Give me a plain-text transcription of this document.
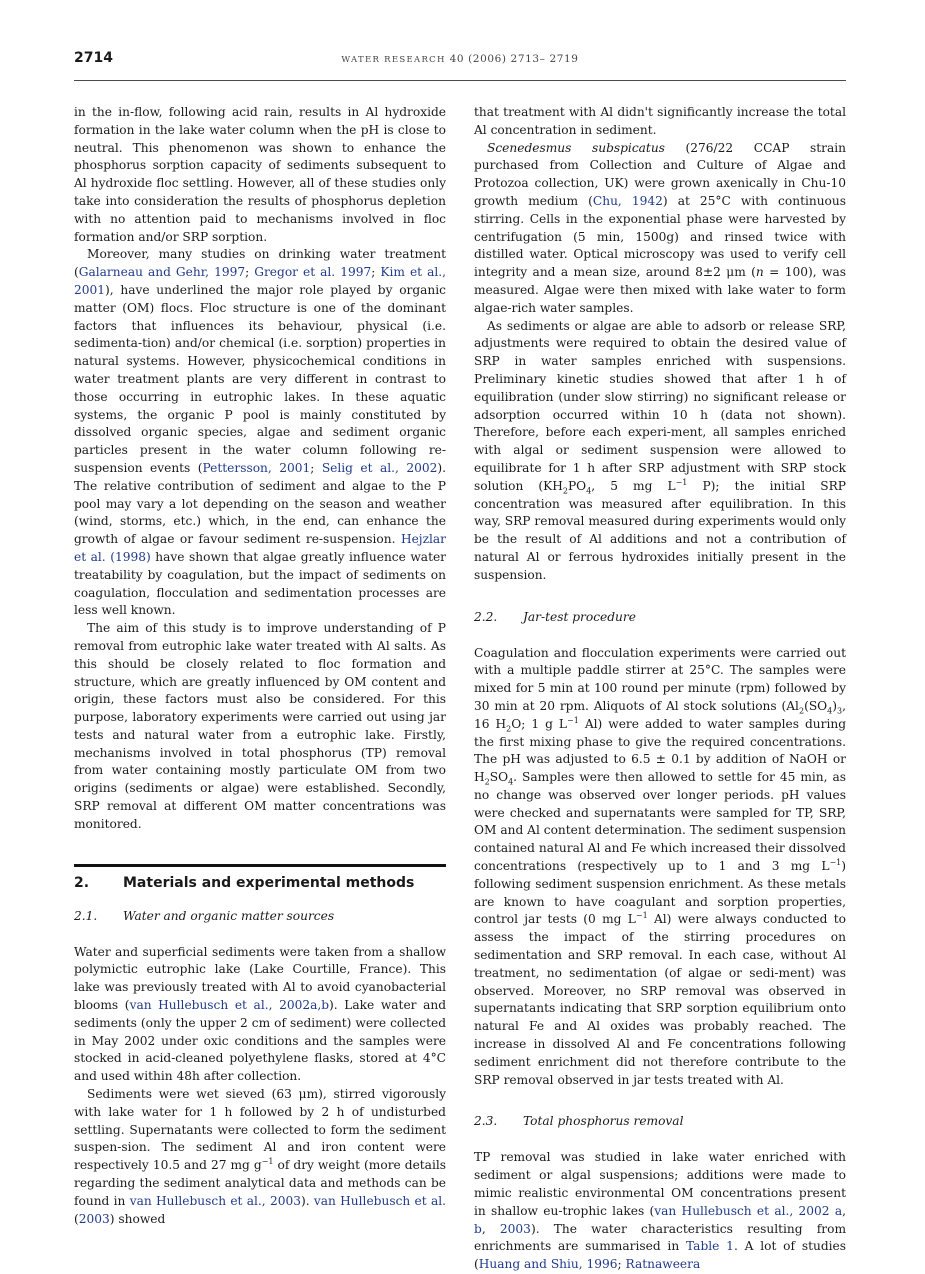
2714	WATER RESEARCH 40 (2006) 2713– 2719

in the in-flow, following acid rain, results in Al hydroxide formation in the lake water column when the pH is close to neutral. This phenomenon was shown to enhance the phosphorus sorption capacity of sediments subsequent to Al hydroxide floc settling. However, all of these studies only take into consideration the results of phosphorus depletion with no attention paid to mechanisms involved in floc formation and/or SRP sorption.

Moreover, many studies on drinking water treatment (Galarneau and Gehr, 1997; Gregor et al. 1997; Kim et al., 2001), have underlined the major role played by organic matter (OM) flocs. Floc structure is one of the dominant factors that influences its behaviour, physical (i.e. sedimenta-tion) and/or chemical (i.e. sorption) properties in natural systems. However, physicochemical conditions in water treatment plants are very different in contrast to those occurring in eutrophic lakes. In these aquatic systems, the organic P pool is mainly constituted by dissolved organic species, algae and sediment organic particles present in the water column following re-suspension events (Pettersson, 2001; Selig et al., 2002). The relative contribution of sediment and algae to the P pool may vary a lot depending on the season and weather (wind, storms, etc.) which, in the end, can enhance the growth of algae or favour sediment re-suspension. Hejzlar et al. (1998) have shown that algae greatly influence water treatability by coagulation, but the impact of sediments on coagulation, flocculation and sedimentation processes are less well known.

The aim of this study is to improve understanding of P removal from eutrophic lake water treated with Al salts. As this should be closely related to floc formation and structure, which are greatly influenced by OM content and origin, these factors must also be considered. For this purpose, laboratory experiments were carried out using jar tests and natural water from a eutrophic lake. Firstly, mechanisms involved in total phosphorus (TP) removal from water containing mostly particulate OM from two origins (sediments or algae) were established. Secondly, SRP removal at different OM matter concentrations was monitored.

2. Materials and experimental methods
2.1. Water and organic matter sources

Water and superficial sediments were taken from a shallow polymictic eutrophic lake (Lake Courtille, France). This lake was previously treated with Al to avoid cyanobacterial blooms (van Hullebusch et al., 2002a,b). Lake water and sediments (only the upper 2 cm of sediment) were collected in May 2002 under oxic conditions and the samples were stocked in acid-cleaned polyethylene flasks, stored at 4°C and used within 48h after collection.

Sediments were wet sieved (63 μm), stirred vigorously with lake water for 1 h followed by 2 h of undisturbed settling. Supernatants were collected to form the sediment suspen-sion. The sediment Al and iron content were respectively 10.5 and 27 mg $g^{-1}$ of dry weight (more details regarding the sediment analytical data and methods can be found in van Hullebusch et al., 2003). van Hullebusch et al. (2003) showed

that treatment with Al didn't significantly increase the total Al concentration in sediment.

Scenedesmus subspicatus (276/22 CCAP strain purchased from Collection and Culture of Algae and Protozoa collection, UK) were grown axenically in Chu-10 growth medium (Chu, 1942) at 25°C with continuous stirring. Cells in the exponential phase were harvested by centrifugation (5 min, 1500g) and rinsed twice with distilled water. Optical microscopy was used to verify cell integrity and a mean size, around 8±2 μm (n = 100), was measured. Algae were then mixed with lake water to form algae-rich water samples.

As sediments or algae are able to adsorb or release SRP, adjustments were required to obtain the desired value of SRP in water samples enriched with suspensions. Preliminary kinetic studies showed that after 1 h of equilibration (under slow stirring) no significant release or adsorption occurred within 10 h (data not shown). Therefore, before each experi-ment, all samples enriched with algal or sediment suspension were allowed to equilibrate for 1 h after SRP adjustment with SRP stock solution ($KH_2PO_4$, 5 mg $L^{-1}$ P); the initial SRP concentration was measured after equilibration. In this way, SRP removal measured during experiments would only be the result of Al additions and not a contribution of natural Al or ferrous hydroxides initially present in the suspension.

2.2. Jar-test procedure

Coagulation and flocculation experiments were carried out with a multiple paddle stirrer at 25°C. The samples were mixed for 5 min at 100 round per minute (rpm) followed by 30 min at 20 rpm. Aliquots of Al stock solutions ($Al_2(SO_4)_3$, 16 $H_2O$; 1 g $L^{-1}$ Al) were added to water samples during the first mixing phase to give the required concentrations. The pH was adjusted to 6.5 ± 0.1 by addition of NaOH or $H_2SO_4$. Samples were then allowed to settle for 45 min, as no change was observed over longer periods. pH values were checked and supernatants were sampled for TP, SRP, OM and Al content determination. The sediment suspension contained natural Al and Fe which increased their dissolved concentrations (respectively up to 1 and 3 mg $L^{-1}$) following sediment suspension enrichment. As these metals are known to have coagulant and sorption properties, control jar tests (0 mg $L^{-1}$ Al) were always conducted to assess the impact of the stirring procedures on sedimentation and SRP removal. In each case, without Al treatment, no sedimentation (of algae or sedi-ment) was observed. Moreover, no SRP removal was observed in supernatants indicating that SRP sorption equilibrium onto natural Fe and Al oxides was probably reached. The increase in dissolved Al and Fe concentrations following sediment enrichment did not therefore contribute to the SRP removal observed in jar tests treated with Al.

2.3. Total phosphorus removal

TP removal was studied in lake water enriched with sediment or algal suspensions; additions were made to mimic realistic environmental OM concentrations present in shallow eu-trophic lakes (van Hullebusch et al., 2002 a, b, 2003). The water characteristics resulting from enrichments are summarised in Table 1. A lot of studies (Huang and Shiu, 1996; Ratnaweera
